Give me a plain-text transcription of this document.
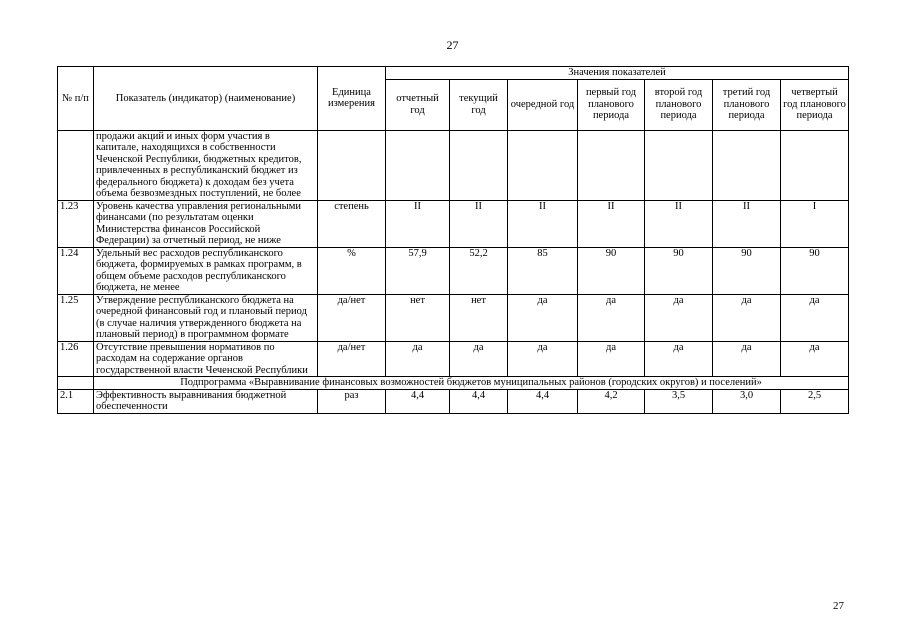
27
№ п/п	Показатель (индикатор) (наименование)	Единица измерения	Значения показателей						
			отчетный год	текущий год	очередной год	первый год планового периода	второй год планового периода	третий год планового периода	четвертый год планового периода
	продажи акций и иных форм участия в капитале, находящихся в собственности Чеченской Республики, бюджетных кредитов, привлеченных в республиканский бюджет из федерального бюджета) к доходам без учета объема безвозмездных поступлений, не более								
1.23	Уровень качества управления региональными финансами (по результатам оценки Министерства финансов Российской Федерации) за отчетный период, не ниже	степень	II	II	II	II	II	II	I
1.24	Удельный вес расходов республиканского бюджета, формируемых в рамках программ, в общем объеме расходов республиканского бюджета, не менее	%	57,9	52,2	85	90	90	90	90
1.25	Утверждение республиканского бюджета на очередной финансовый год и плановый период (в случае наличия утвержденного бюджета на плановый период) в программном формате	да/нет	нет	нет	да	да	да	да	да
1.26	Отсутствие превышения нормативов по расходам на содержание органов государственной власти Чеченской Республики	да/нет	да	да	да	да	да	да	да
	Подпрограмма «Выравнивание финансовых возможностей бюджетов муниципальных районов (городских округов) и поселений»								
2.1	Эффективность выравнивания бюджетной обеспеченности	раз	4,4	4,4	4,4	4,2	3,5	3,0	2,5
27
